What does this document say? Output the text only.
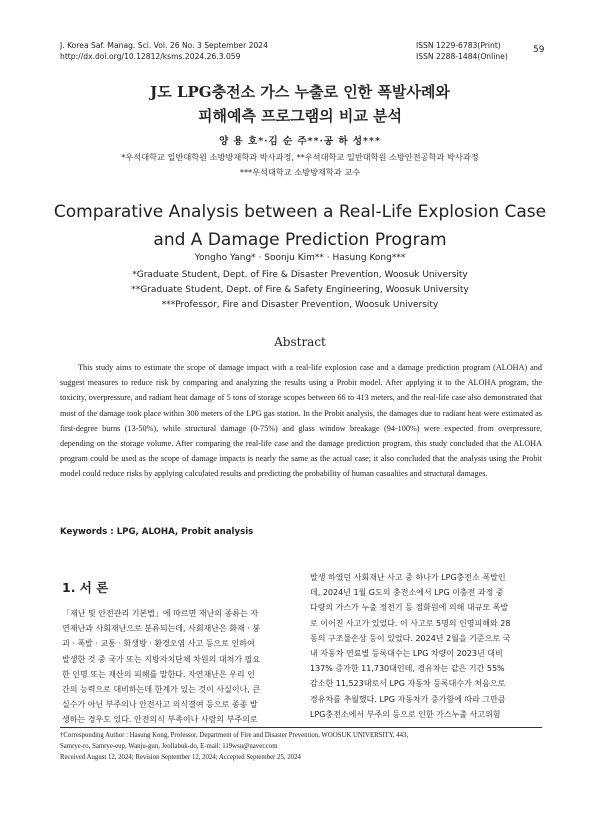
J. Korea Saf. Manag. Sci. Vol. 26 No. 3 September 2024
http://dx.doi.org/10.12812/ksms.2024.26.3.059
ISSN 1229-6783(Print)
ISSN 2288-1484(Online)
59
J도 LPG충전소 가스 누출로 인한 폭발사례와
피해예측 프로그램의 비교 분석
양 용 호*·김 순 주**·공 하 성***
*우석대학교 일반대학원 소방방재학과 박사과정, **우석대학교 일반대학원 소방안전공학과 박사과정
***우석대학교 소방방재학과 교수
Comparative Analysis between a Real-Life Explosion Case
and A Damage Prediction Program
Yongho Yang* · Soonju Kim** · Hasung Kong***
*Graduate Student, Dept. of Fire & Disaster Prevention, Woosuk University
**Graduate Student, Dept. of Fire & Safety Engineering, Woosuk University
***Professor, Fire and Disaster Prevention, Woosuk University
Abstract
This study aims to estimate the scope of damage impact with a real-life explosion case and a damage prediction program (ALOHA) and suggest measures to reduce risk by comparing and analyzing the results using a Probit model. After applying it to the ALOHA program, the toxicity, overpressure, and radiant heat damage of 5 tons of storage scopes between 66 to 413 meters, and the real-life case also demonstrated that most of the damage took place within 300 meters of the LPG gas station. In the Probit analysis, the damages due to radiant heat were estimated as first-degree burns (13-50%), while structural damage (0-75%) and glass window breakage (94-100%) were expected from overpressure, depending on the storage volume. After comparing the real-life case and the damage prediction program, this study concluded that the ALOHA program could be used as the scope of damage impacts is nearly the same as the actual case; it also concluded that the analysis using the Probit model could reduce risks by applying calculated results and predicting the probability of human casualties and structural damages.
Keywords : LPG, ALOHA, Probit analysis
1. 서 론
「재난 및 안전관리 기본법」에 따르면 재난의 종류는 자
연재난과 사회재난으로 분류되는데, 사회재난은 화재 · 붕
괴 · 폭발 · 교통 · 화생방 · 환경오염 사고 등으로 인하여
발생한 것 중 국가 또는 지방자치단체 차원의 대처가 필요
한 인명 또는 재산의 피해를 말한다. 자연재난은 우리 인
간의 능력으로 대비하는데 한계가 있는 것이 사실이나, 큰
실수가 아닌 부주의나 안전사고 의식결여 등으로 종종 발
생하는 경우도 있다. 안전의식 부족이나 사람의 부주의로
발생 하였던 사회재난 사고 중 하나가 LPG충전소 폭발인
데, 2024년 1월 G도의 충전소에서 LPG 이충전 과정 중
다량의 가스가 누출 정전기 등 점화원에 의해 대규모 폭발
로 이어진 사고가 있었다. 이 사고로 5명의 인명피해와 28
동의 구조물손상 등이 있었다. 2024년 2월을 기준으로 국
내 자동차 연료별 등록대수는 LPG 차량이 2023년 대비
137% 증가한 11,730대인데, 경유차는 같은 기간 55%
감소한 11,523대로서 LPG 자동차 등록대수가 처음으로
경유차를 추월했다. LPG 자동차가 증가함에 따라 그만큼
LPG충전소에서 부주의 등으로 인한 가스누출 사고위험
†Corresponding Author : Hasung Kong, Professor, Department of Fire and Disaster Prevention, WOOSUK UNIVERSITY, 443,
Samrye-ro, Samrye-eup, Wanju-gun, Jeollabuk-do, E-mail: 119wsu@naver.com
Received August 12, 2024; Revision September 12, 2024; Accepted September 25, 2024
